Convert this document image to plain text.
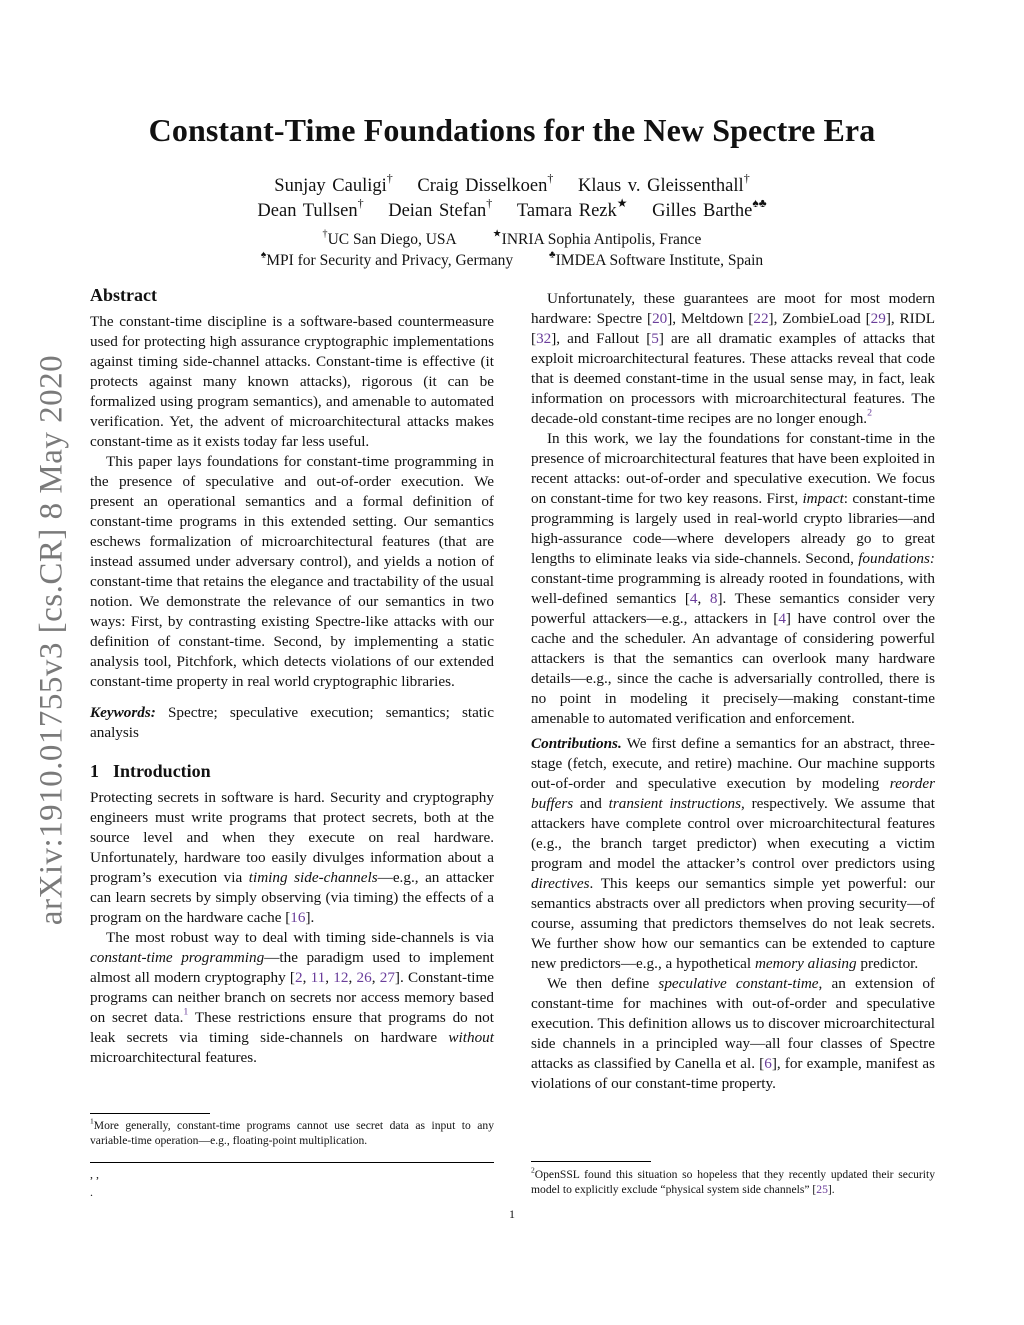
arXiv:1910.01755v3 [cs.CR] 8 May 2020
Constant-Time Foundations for the New Spectre Era
Sunjay Cauligi† Craig Disselkoen† Klaus v. Gleissenthall†
Dean Tullsen† Deian Stefan† Tamara Rezk★ Gilles Barthe♠♣
†UC San Diego, USA	★INRIA Sophia Antipolis, France
♠MPI for Security and Privacy, Germany	♣IMDEA Software Institute, Spain
Abstract

The constant-time discipline is a software-based countermeasure used for protecting high assurance cryptographic implementations against timing side-channel attacks. Constant-time is effective (it protects against many known attacks), rigorous (it can be formalized using program semantics), and amenable to automated verification. Yet, the advent of microarchitectural attacks makes constant-time as it exists today far less useful.

This paper lays foundations for constant-time programming in the presence of speculative and out-of-order execution. We present an operational semantics and a formal definition of constant-time programs in this extended setting. Our semantics eschews formalization of microarchitectural features (that are instead assumed under adversary control), and yields a notion of constant-time that retains the elegance and tractability of the usual notion. We demonstrate the relevance of our semantics in two ways: First, by contrasting existing Spectre-like attacks with our definition of constant-time. Second, by implementing a static analysis tool, Pitchfork, which detects violations of our extended constant-time property in real world cryptographic libraries.

Keywords: Spectre; speculative execution; semantics; static analysis

1 Introduction

Protecting secrets in software is hard. Security and cryptography engineers must write programs that protect secrets, both at the source level and when they execute on real hardware. Unfortunately, hardware too easily divulges information about a program’s execution via timing side-channels—e.g., an attacker can learn secrets by simply observing (via timing) the effects of a program on the hardware cache [16].

The most robust way to deal with timing side-channels is via constant-time programming—the paradigm used to implement almost all modern cryptography [2, 11, 12, 26, 27]. Constant-time programs can neither branch on secrets nor access memory based on secret data.$^1$ These restrictions ensure that programs do not leak secrets via timing side-channels on hardware without microarchitectural features.

$^1$More generally, constant-time programs cannot use secret data as input to any variable-time operation—e.g., floating-point multiplication.
, ,
.

Unfortunately, these guarantees are moot for most modern hardware: Spectre [20], Meltdown [22], ZombieLoad [29], RIDL [32], and Fallout [5] are all dramatic examples of attacks that exploit microarchitectural features. These attacks reveal that code that is deemed constant-time in the usual sense may, in fact, leak information on processors with microarchitectural features. The decade-old constant-time recipes are no longer enough.$^2$

In this work, we lay the foundations for constant-time in the presence of microarchitectural features that have been exploited in recent attacks: out-of-order and speculative execution. We focus on constant-time for two key reasons. First, impact: constant-time programming is largely used in real-world crypto libraries—and high-assurance code—where developers already go to great lengths to eliminate leaks via side-channels. Second, foundations: constant-time programming is already rooted in foundations, with well-defined semantics [4, 8]. These semantics consider very powerful attackers—e.g., attackers in [4] have control over the cache and the scheduler. An advantage of considering powerful attackers is that the semantics can overlook many hardware details—e.g., since the cache is adversarially controlled, there is no point in modeling it precisely—making constant-time amenable to automated verification and enforcement.

Contributions. We first define a semantics for an abstract, three-stage (fetch, execute, and retire) machine. Our machine supports out-of-order and speculative execution by modeling reorder buffers and transient instructions, respectively. We assume that attackers have complete control over microarchitectural features (e.g., the branch target predictor) when executing a victim program and model the attacker’s control over predictors using directives. This keeps our semantics simple yet powerful: our semantics abstracts over all predictors when proving security—of course, assuming that predictors themselves do not leak secrets. We further show how our semantics can be extended to capture new predictors—e.g., a hypothetical memory aliasing predictor.

We then define speculative constant-time, an extension of constant-time for machines with out-of-order and speculative execution. This definition allows us to discover microarchitectural side channels in a principled way—all four classes of Spectre attacks as classified by Canella et al. [6], for example, manifest as violations of our constant-time property.

$^2$OpenSSL found this situation so hopeless that they recently updated their security model to explicitly exclude “physical system side channels” [25].
1
